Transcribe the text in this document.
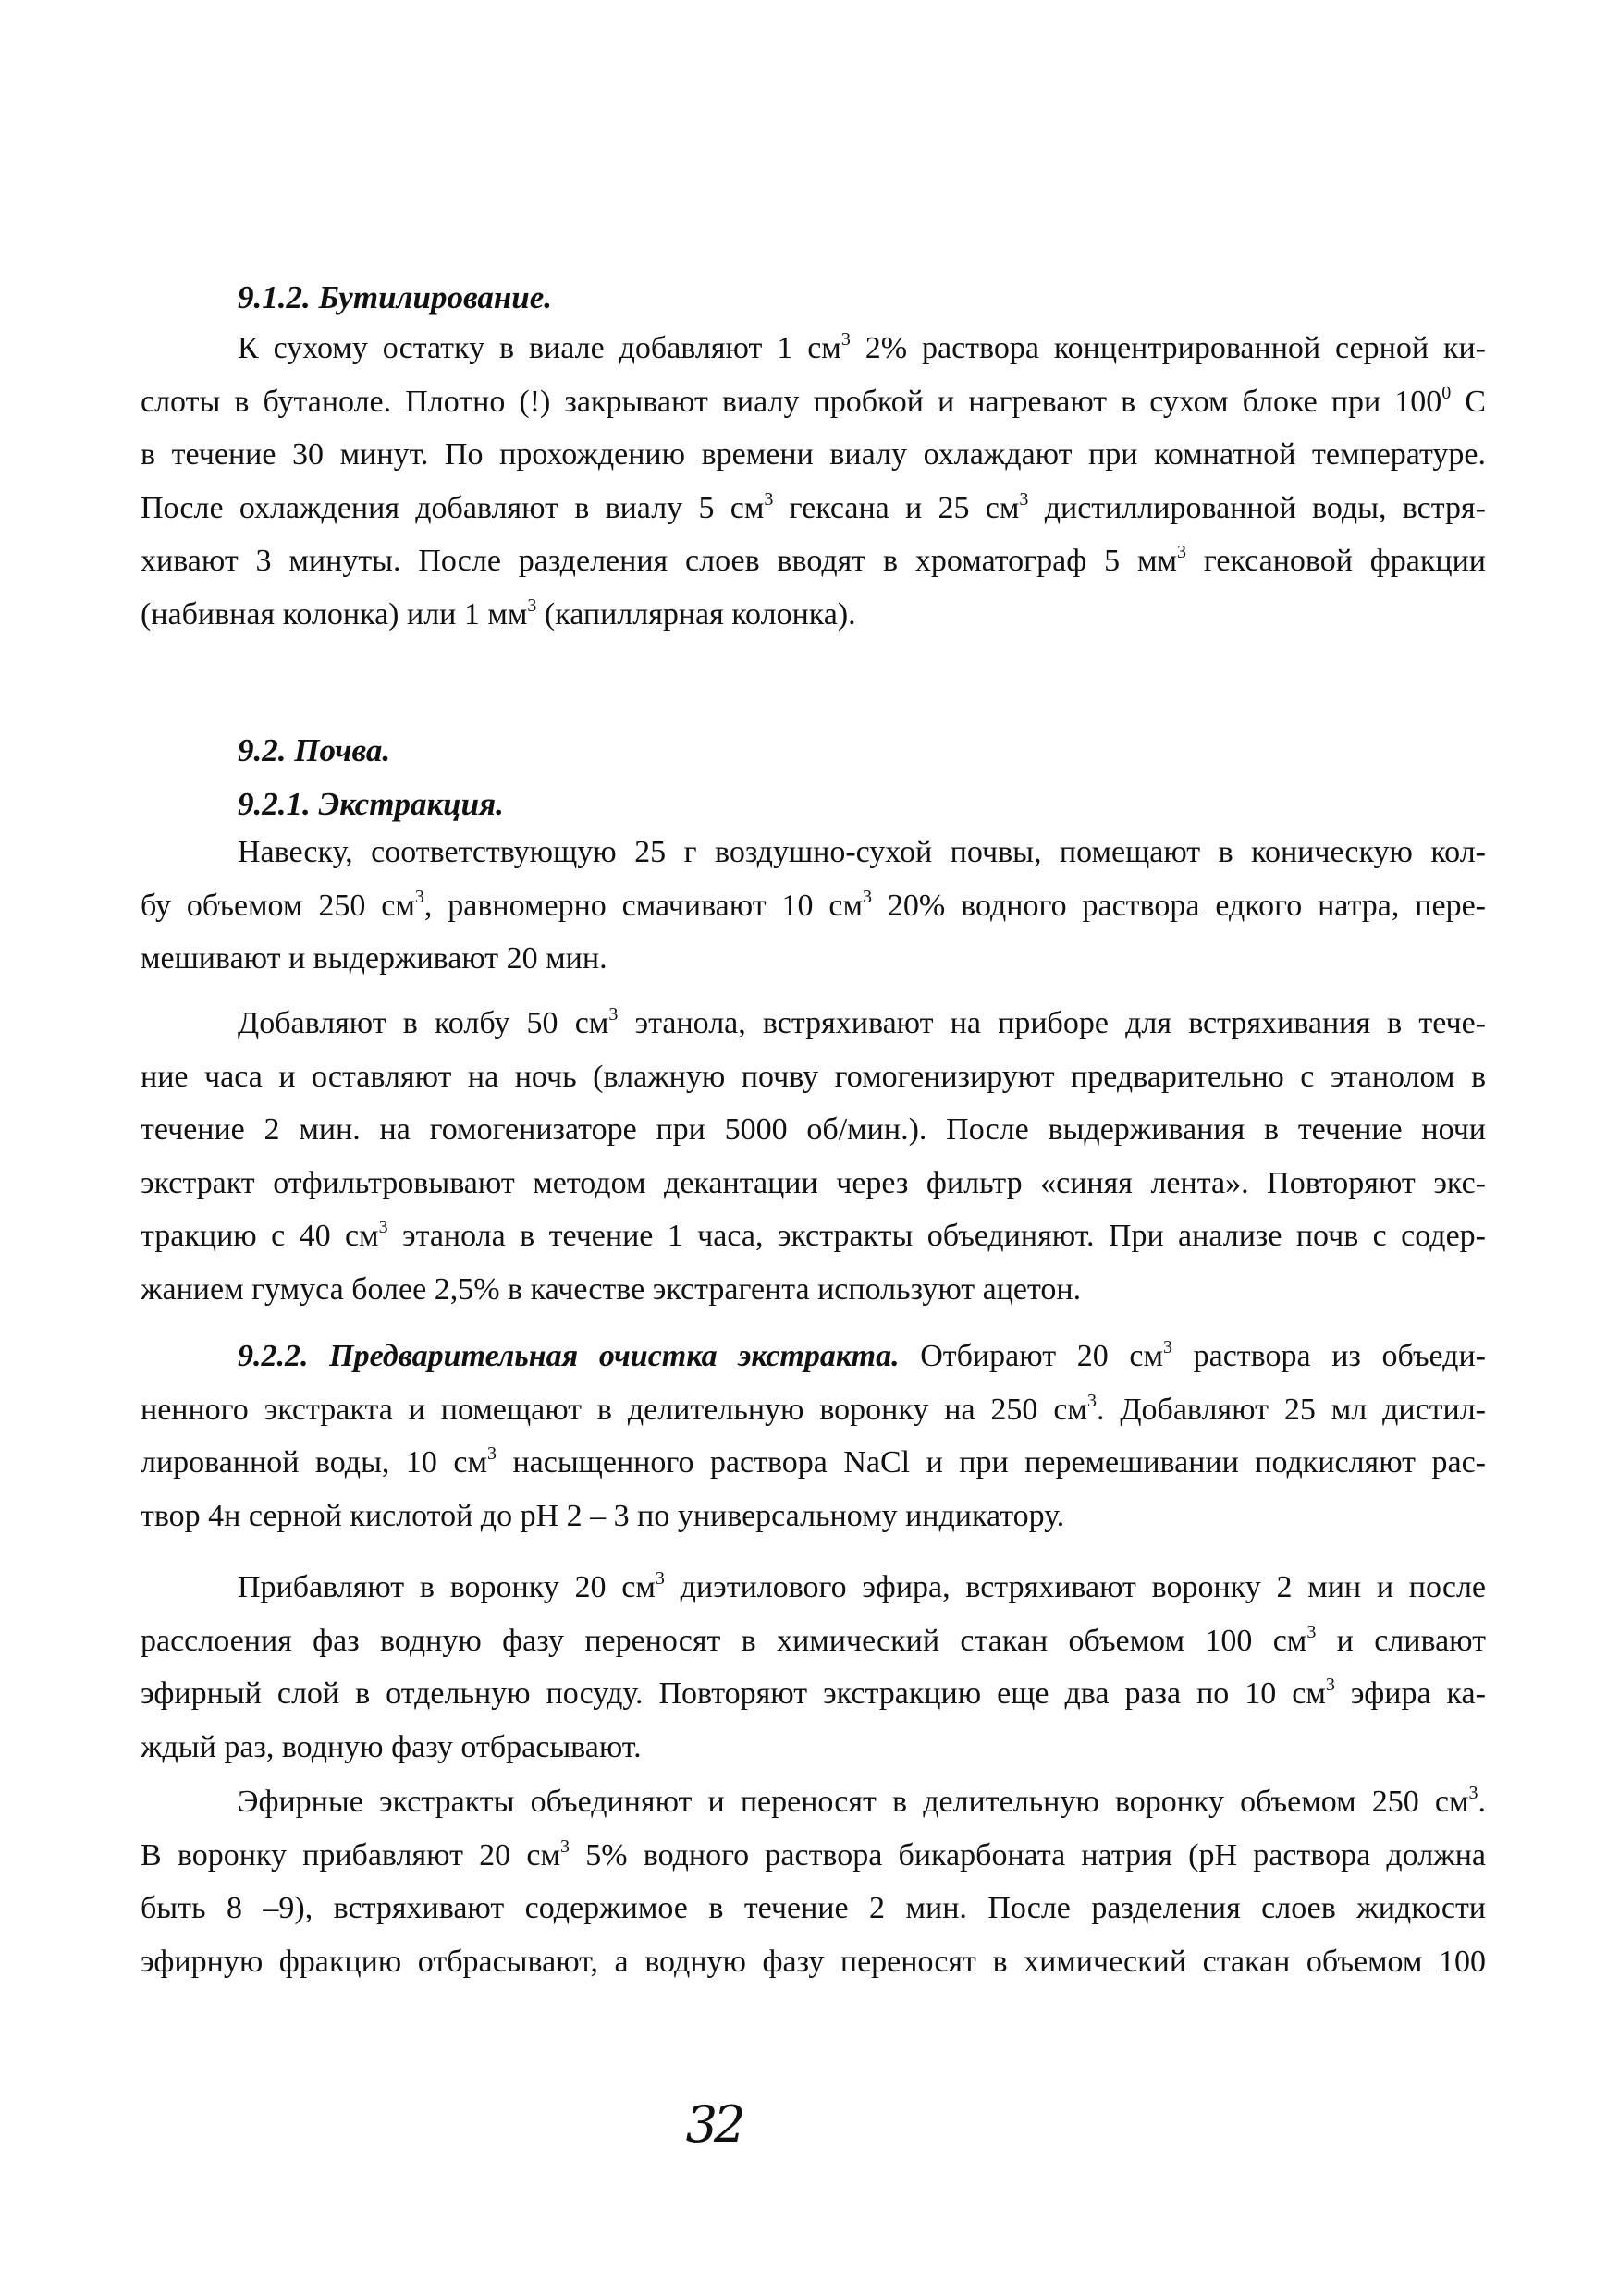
9.1.2. Бутилирование.
К сухому остатку в виале добавляют 1 $см^3$ 2% раствора концентрированной серной ки-
слоты в бутаноле. Плотно (!) закрывают виалу пробкой и нагревают в сухом блоке при $100^0$ С
в течение 30 минут. По прохождению времени виалу охлаждают при комнатной температуре.
После охлаждения добавляют в виалу 5 $см^3$ гексана и 25 $см^3$ дистиллированной воды, встря-
хивают 3 минуты. После разделения слоев вводят в хроматограф 5 $мм^3$ гексановой фракции
(набивная колонка) или 1 $мм^3$ (капиллярная колонка).
9.2. Почва.
9.2.1. Экстракция.
Навеску, соответствующую 25 г воздушно-сухой почвы, помещают в коническую кол-
бу объемом 250 $см^3$, равномерно смачивают 10 $см^3$ 20% водного раствора едкого натра, пере-
мешивают и выдерживают 20 мин.
Добавляют в колбу 50 $см^3$ этанола, встряхивают на приборе для встряхивания в тече-
ние часа и оставляют на ночь (влажную почву гомогенизируют предварительно с этанолом в
течение 2 мин. на гомогенизаторе при 5000 об/мин.). После выдерживания в течение ночи
экстракт отфильтровывают методом декантации через фильтр «синяя лента». Повторяют экс-
тракцию с 40 $см^3$ этанола в течение 1 часа, экстракты объединяют. При анализе почв с содер-
жанием гумуса более 2,5% в качестве экстрагента используют ацетон.
9.2.2. Предварительная очистка экстракта. Отбирают 20 $см^3$ раствора из объеди-
ненного экстракта и помещают в делительную воронку на 250 $см^3$. Добавляют 25 мл дистил-
лированной воды, 10 $см^3$ насыщенного раствора NaCl и при перемешивании подкисляют рас-
твор 4н серной кислотой до pH 2 – 3 по универсальному индикатору.
Прибавляют в воронку 20 $см^3$ диэтилового эфира, встряхивают воронку 2 мин и после
расслоения фаз водную фазу переносят в химический стакан объемом 100 $см^3$ и сливают
эфирный слой в отдельную посуду. Повторяют экстракцию еще два раза по 10 $см^3$ эфира ка-
ждый раз, водную фазу отбрасывают.
Эфирные экстракты объединяют и переносят в делительную воронку объемом 250 $см^3$.
В воронку прибавляют 20 $см^3$ 5% водного раствора бикарбоната натрия (pH раствора должна
быть 8 –9), встряхивают содержимое в течение 2 мин. После разделения слоев жидкости
эфирную фракцию отбрасывают, а водную фазу переносят в химический стакан объемом 100
32
